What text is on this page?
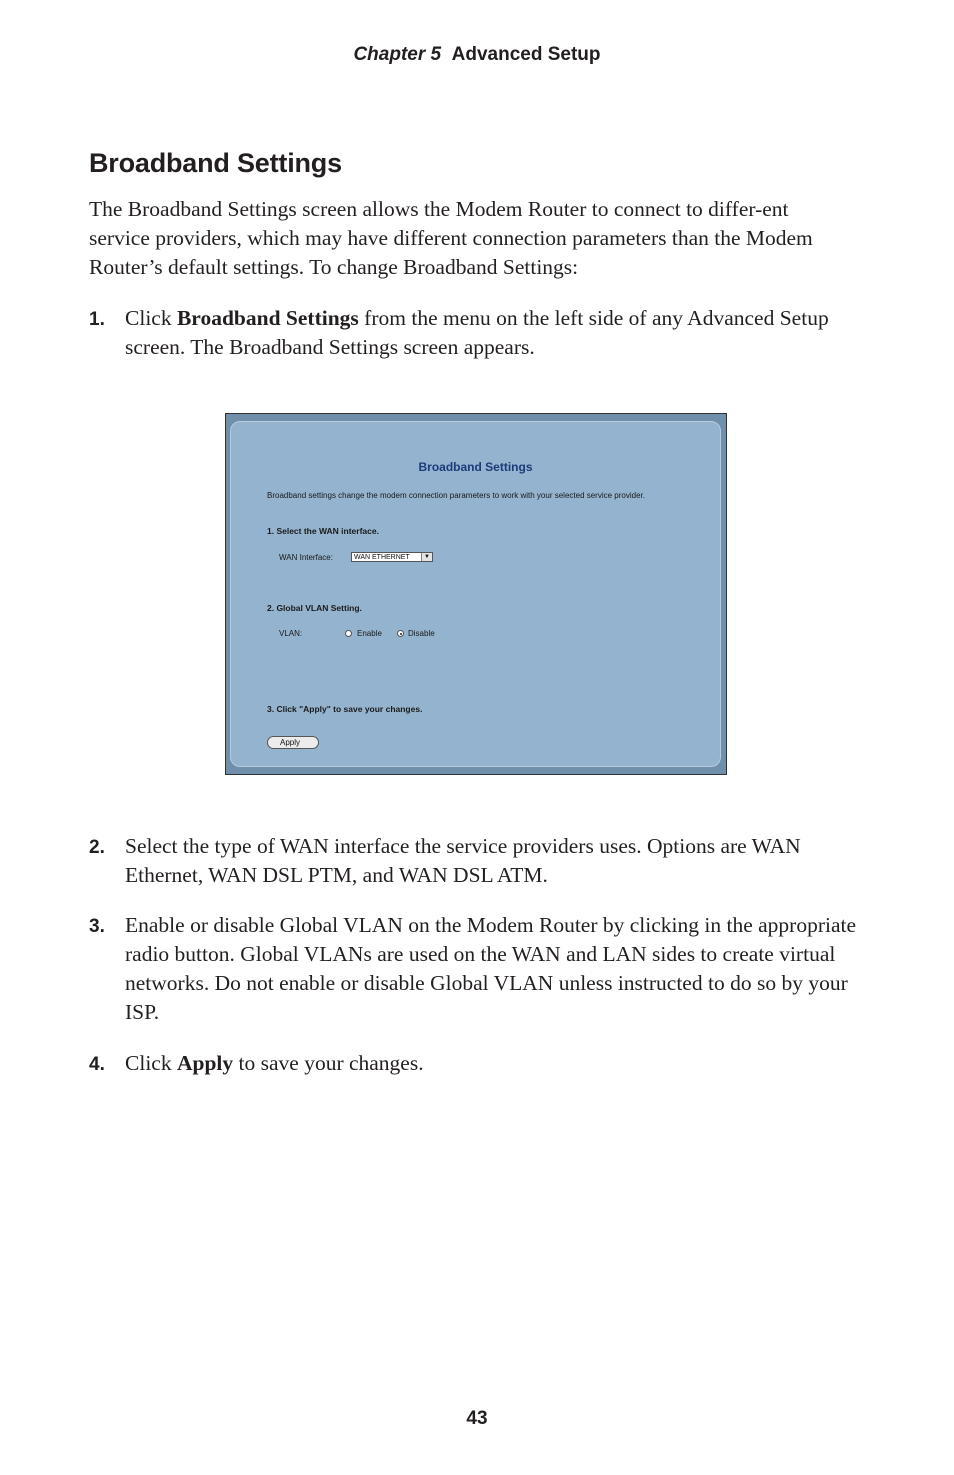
Chapter 5 Advanced Setup
Broadband Settings

The Broadband Settings screen allows the Modem Router to connect to differ-ent service providers, which may have different connection parameters than the Modem Router’s default settings. To change Broadband Settings:

1. Click Broadband Settings from the menu on the left side of any Advanced Setup screen. The Broadband Settings screen appears.
Broadband Settings
Broadband settings change the modem connection parameters to work with your selected service provider.
1. Select the WAN interface.
WAN Interface:	WAN ETHERNET	▼
2. Global VLAN Setting.
VLAN:	Enable	Disable
3. Click "Apply" to save your changes.
Apply
2. Select the type of WAN interface the service providers uses. Options are WAN Ethernet, WAN DSL PTM, and WAN DSL ATM.
3. Enable or disable Global VLAN on the Modem Router by clicking in the appropriate radio button. Global VLANs are used on the WAN and LAN sides to create virtual networks. Do not enable or disable Global VLAN unless instructed to do so by your ISP.
4. Click Apply to save your changes.
43
